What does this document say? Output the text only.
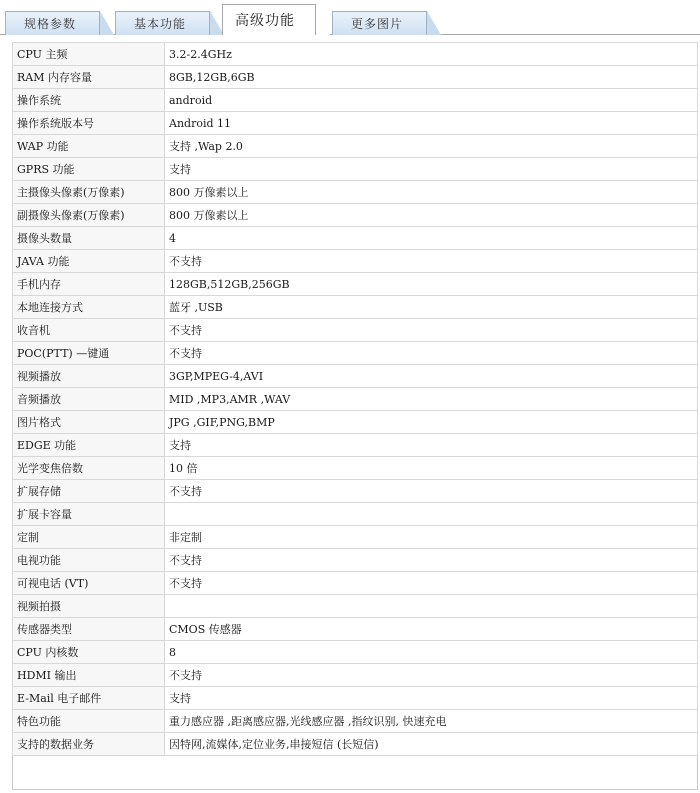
规格参数	基本功能	高级功能	更多图片
CPU 主频	3.2-2.4GHz
RAM 内存容量	8GB,12GB,6GB
操作系统	android
操作系统版本号	Android 11
WAP 功能	支持 ,Wap 2.0
GPRS 功能	支持
主摄像头像素(万像素)	800 万像素以上
副摄像头像素(万像素)	800 万像素以上
摄像头数量	4
JAVA 功能	不支持
手机内存	128GB,512GB,256GB
本地连接方式	蓝牙 ,USB
收音机	不支持
POC(PTT) —键通	不支持
视频播放	3GP,MPEG-4,AVI
音频播放	MID ,MP3,AMR ,WAV
图片格式	JPG ,GIF,PNG,BMP
EDGE 功能	支持
光学变焦倍数	10 倍
扩展存储	不支持
扩展卡容量	
定制	非定制
电视功能	不支持
可视电话 (VT)	不支持
视频拍摄	
传感器类型	CMOS 传感器
CPU 内核数	8
HDMI 输出	不支持
E-Mail 电子邮件	支持
特色功能	重力感应器 ,距离感应器,光线感应器 ,指纹识别, 快速充电
支持的数据业务	因特网,流媒体,定位业务,串接短信 (长短信)
